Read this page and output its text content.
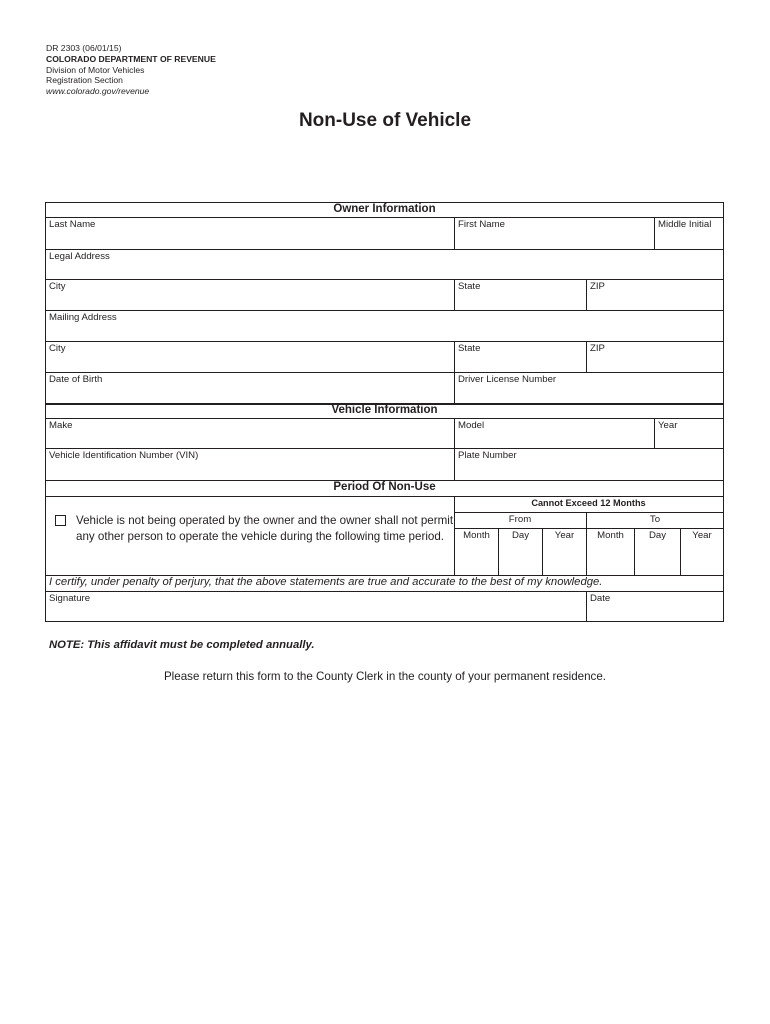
DR 2303 (06/01/15)
COLORADO DEPARTMENT OF REVENUE
Division of Motor Vehicles
Registration Section
www.colorado.gov/revenue
Non-Use of Vehicle
Owner Information
Last Name	First Name	Middle Initial
Legal Address
City	State	ZIP
Mailing Address
City	State	ZIP
Date of Birth	Driver License Number
Vehicle Information
Make	Model	Year
Vehicle Identification Number (VIN)	Plate Number
Period Of Non-Use
Vehicle is not being operated by the owner and the owner shall not permit any other person to operate the vehicle during the following time period.
Cannot Exceed 12 Months
From	To
Month	Day	Year	Month	Day	Year
I certify, under penalty of perjury, that the above statements are true and accurate to the best of my knowledge.
Signature	Date
NOTE: This affidavit must be completed annually.
Please return this form to the County Clerk in the county of your permanent residence.
